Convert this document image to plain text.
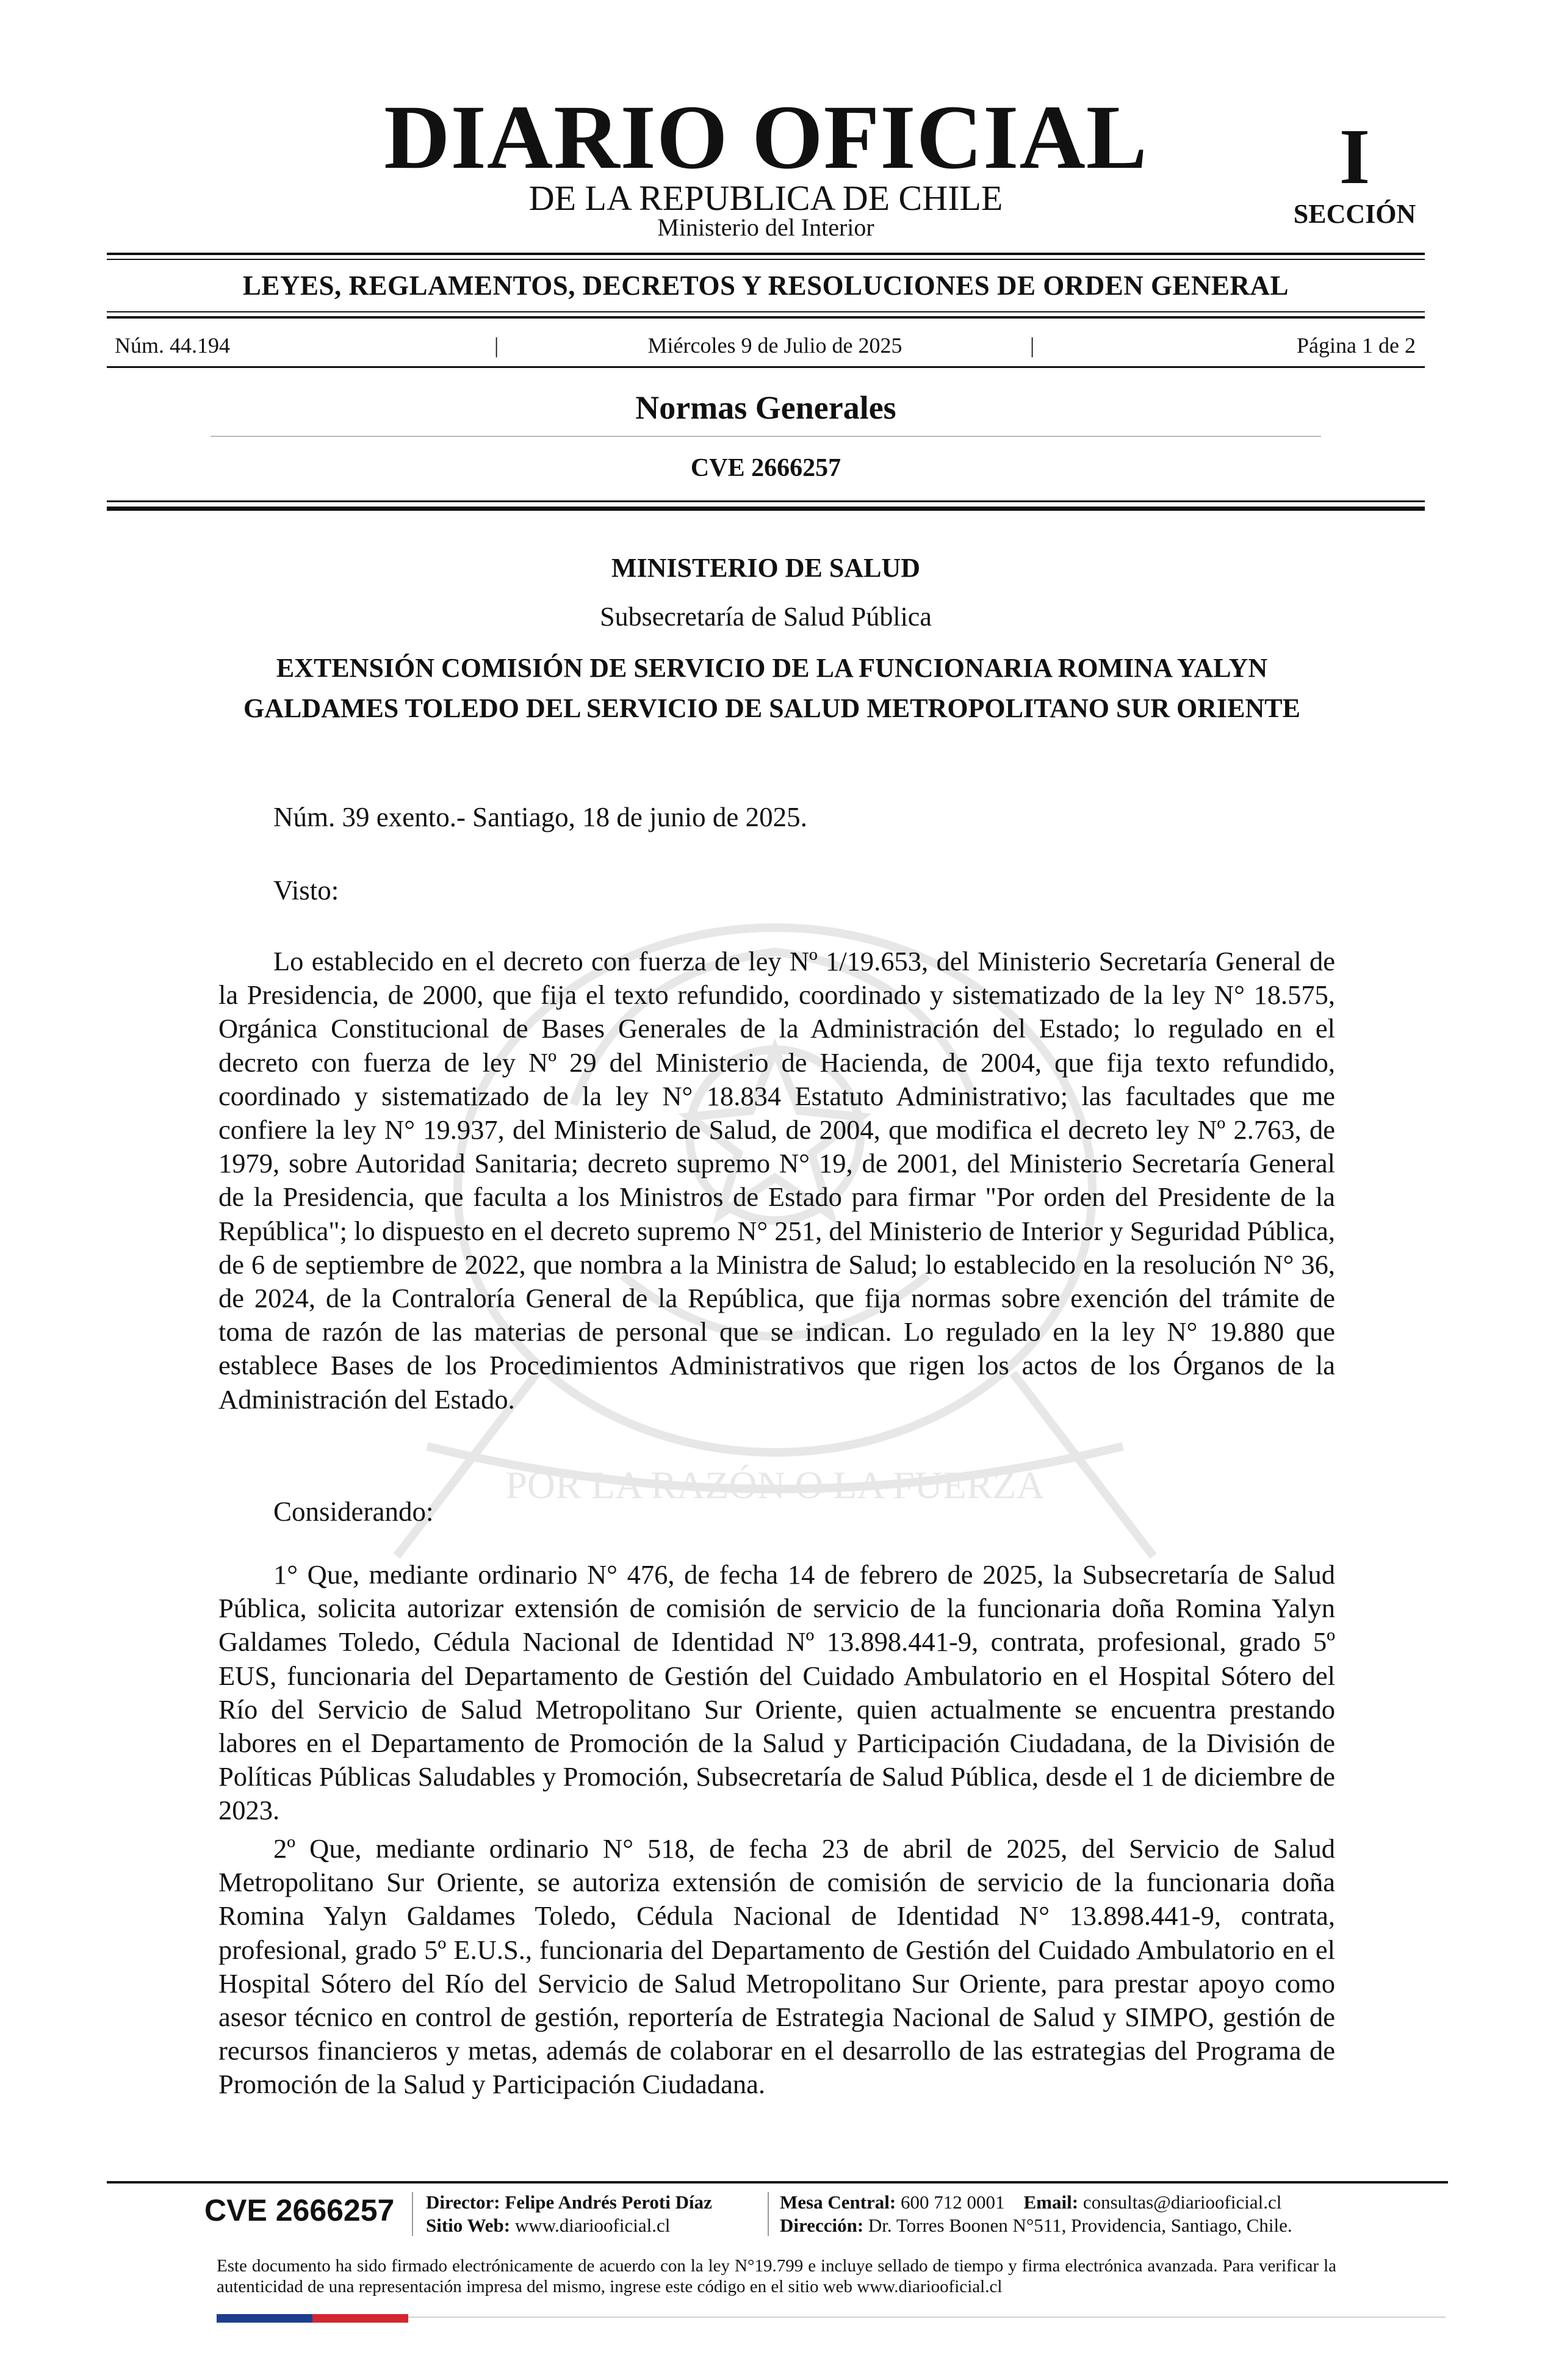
POR LA RAZÓN O LA FUERZA
DIARIO OFICIAL
DE LA REPUBLICA DE CHILE
Ministerio del Interior
I
SECCIÓN
LEYES, REGLAMENTOS, DECRETOS Y RESOLUCIONES DE ORDEN GENERAL
Núm. 44.194	|	Miércoles 9 de Julio de 2025	|	Página 1 de 2
Normas Generales
CVE 2666257
MINISTERIO DE SALUD
Subsecretaría de Salud Pública
EXTENSIÓN COMISIÓN DE SERVICIO DE LA FUNCIONARIA ROMINA YALYN GALDAMES TOLEDO DEL SERVICIO DE SALUD METROPOLITANO SUR ORIENTE
Núm. 39 exento.- Santiago, 18 de junio de 2025.
Visto:
Lo establecido en el decreto con fuerza de ley Nº 1/19.653, del Ministerio Secretaría General de la Presidencia, de 2000, que fija el texto refundido, coordinado y sistematizado de la ley N° 18.575, Orgánica Constitucional de Bases Generales de la Administración del Estado; lo regulado en el decreto con fuerza de ley Nº 29 del Ministerio de Hacienda, de 2004, que fija texto refundido, coordinado y sistematizado de la ley N° 18.834 Estatuto Administrativo; las facultades que me confiere la ley N° 19.937, del Ministerio de Salud, de 2004, que modifica el decreto ley Nº 2.763, de 1979, sobre Autoridad Sanitaria; decreto supremo N° 19, de 2001, del Ministerio Secretaría General de la Presidencia, que faculta a los Ministros de Estado para firmar "Por orden del Presidente de la República"; lo dispuesto en el decreto supremo N° 251, del Ministerio de Interior y Seguridad Pública, de 6 de septiembre de 2022, que nombra a la Ministra de Salud; lo establecido en la resolución N° 36, de 2024, de la Contraloría General de la República, que fija normas sobre exención del trámite de toma de razón de las materias de personal que se indican. Lo regulado en la ley N° 19.880 que establece Bases de los Procedimientos Administrativos que rigen los actos de los Órganos de la Administración del Estado.
Considerando:
1° Que, mediante ordinario N° 476, de fecha 14 de febrero de 2025, la Subsecretaría de Salud Pública, solicita autorizar extensión de comisión de servicio de la funcionaria doña Romina Yalyn Galdames Toledo, Cédula Nacional de Identidad Nº 13.898.441-9, contrata, profesional, grado 5º EUS, funcionaria del Departamento de Gestión del Cuidado Ambulatorio en el Hospital Sótero del Río del Servicio de Salud Metropolitano Sur Oriente, quien actualmente se encuentra prestando labores en el Departamento de Promoción de la Salud y Participación Ciudadana, de la División de Políticas Públicas Saludables y Promoción, Subsecretaría de Salud Pública, desde el 1 de diciembre de 2023.
2º Que, mediante ordinario N° 518, de fecha 23 de abril de 2025, del Servicio de Salud Metropolitano Sur Oriente, se autoriza extensión de comisión de servicio de la funcionaria doña Romina Yalyn Galdames Toledo, Cédula Nacional de Identidad N° 13.898.441-9, contrata, profesional, grado 5º E.U.S., funcionaria del Departamento de Gestión del Cuidado Ambulatorio en el Hospital Sótero del Río del Servicio de Salud Metropolitano Sur Oriente, para prestar apoyo como asesor técnico en control de gestión, reportería de Estrategia Nacional de Salud y SIMPO, gestión de recursos financieros y metas, además de colaborar en el desarrollo de las estrategias del Programa de Promoción de la Salud y Participación Ciudadana.
CVE 2666257	Director: Felipe Andrés Peroti Díaz
Sitio Web: www.diariooficial.cl
Mesa Central: 600 712 0001 Email: consultas@diariooficial.cl
Dirección: Dr. Torres Boonen N°511, Providencia, Santiago, Chile.
Este documento ha sido firmado electrónicamente de acuerdo con la ley N°19.799 e incluye sellado de tiempo y firma electrónica avanzada. Para verificar la autenticidad de una representación impresa del mismo, ingrese este código en el sitio web www.diariooficial.cl
